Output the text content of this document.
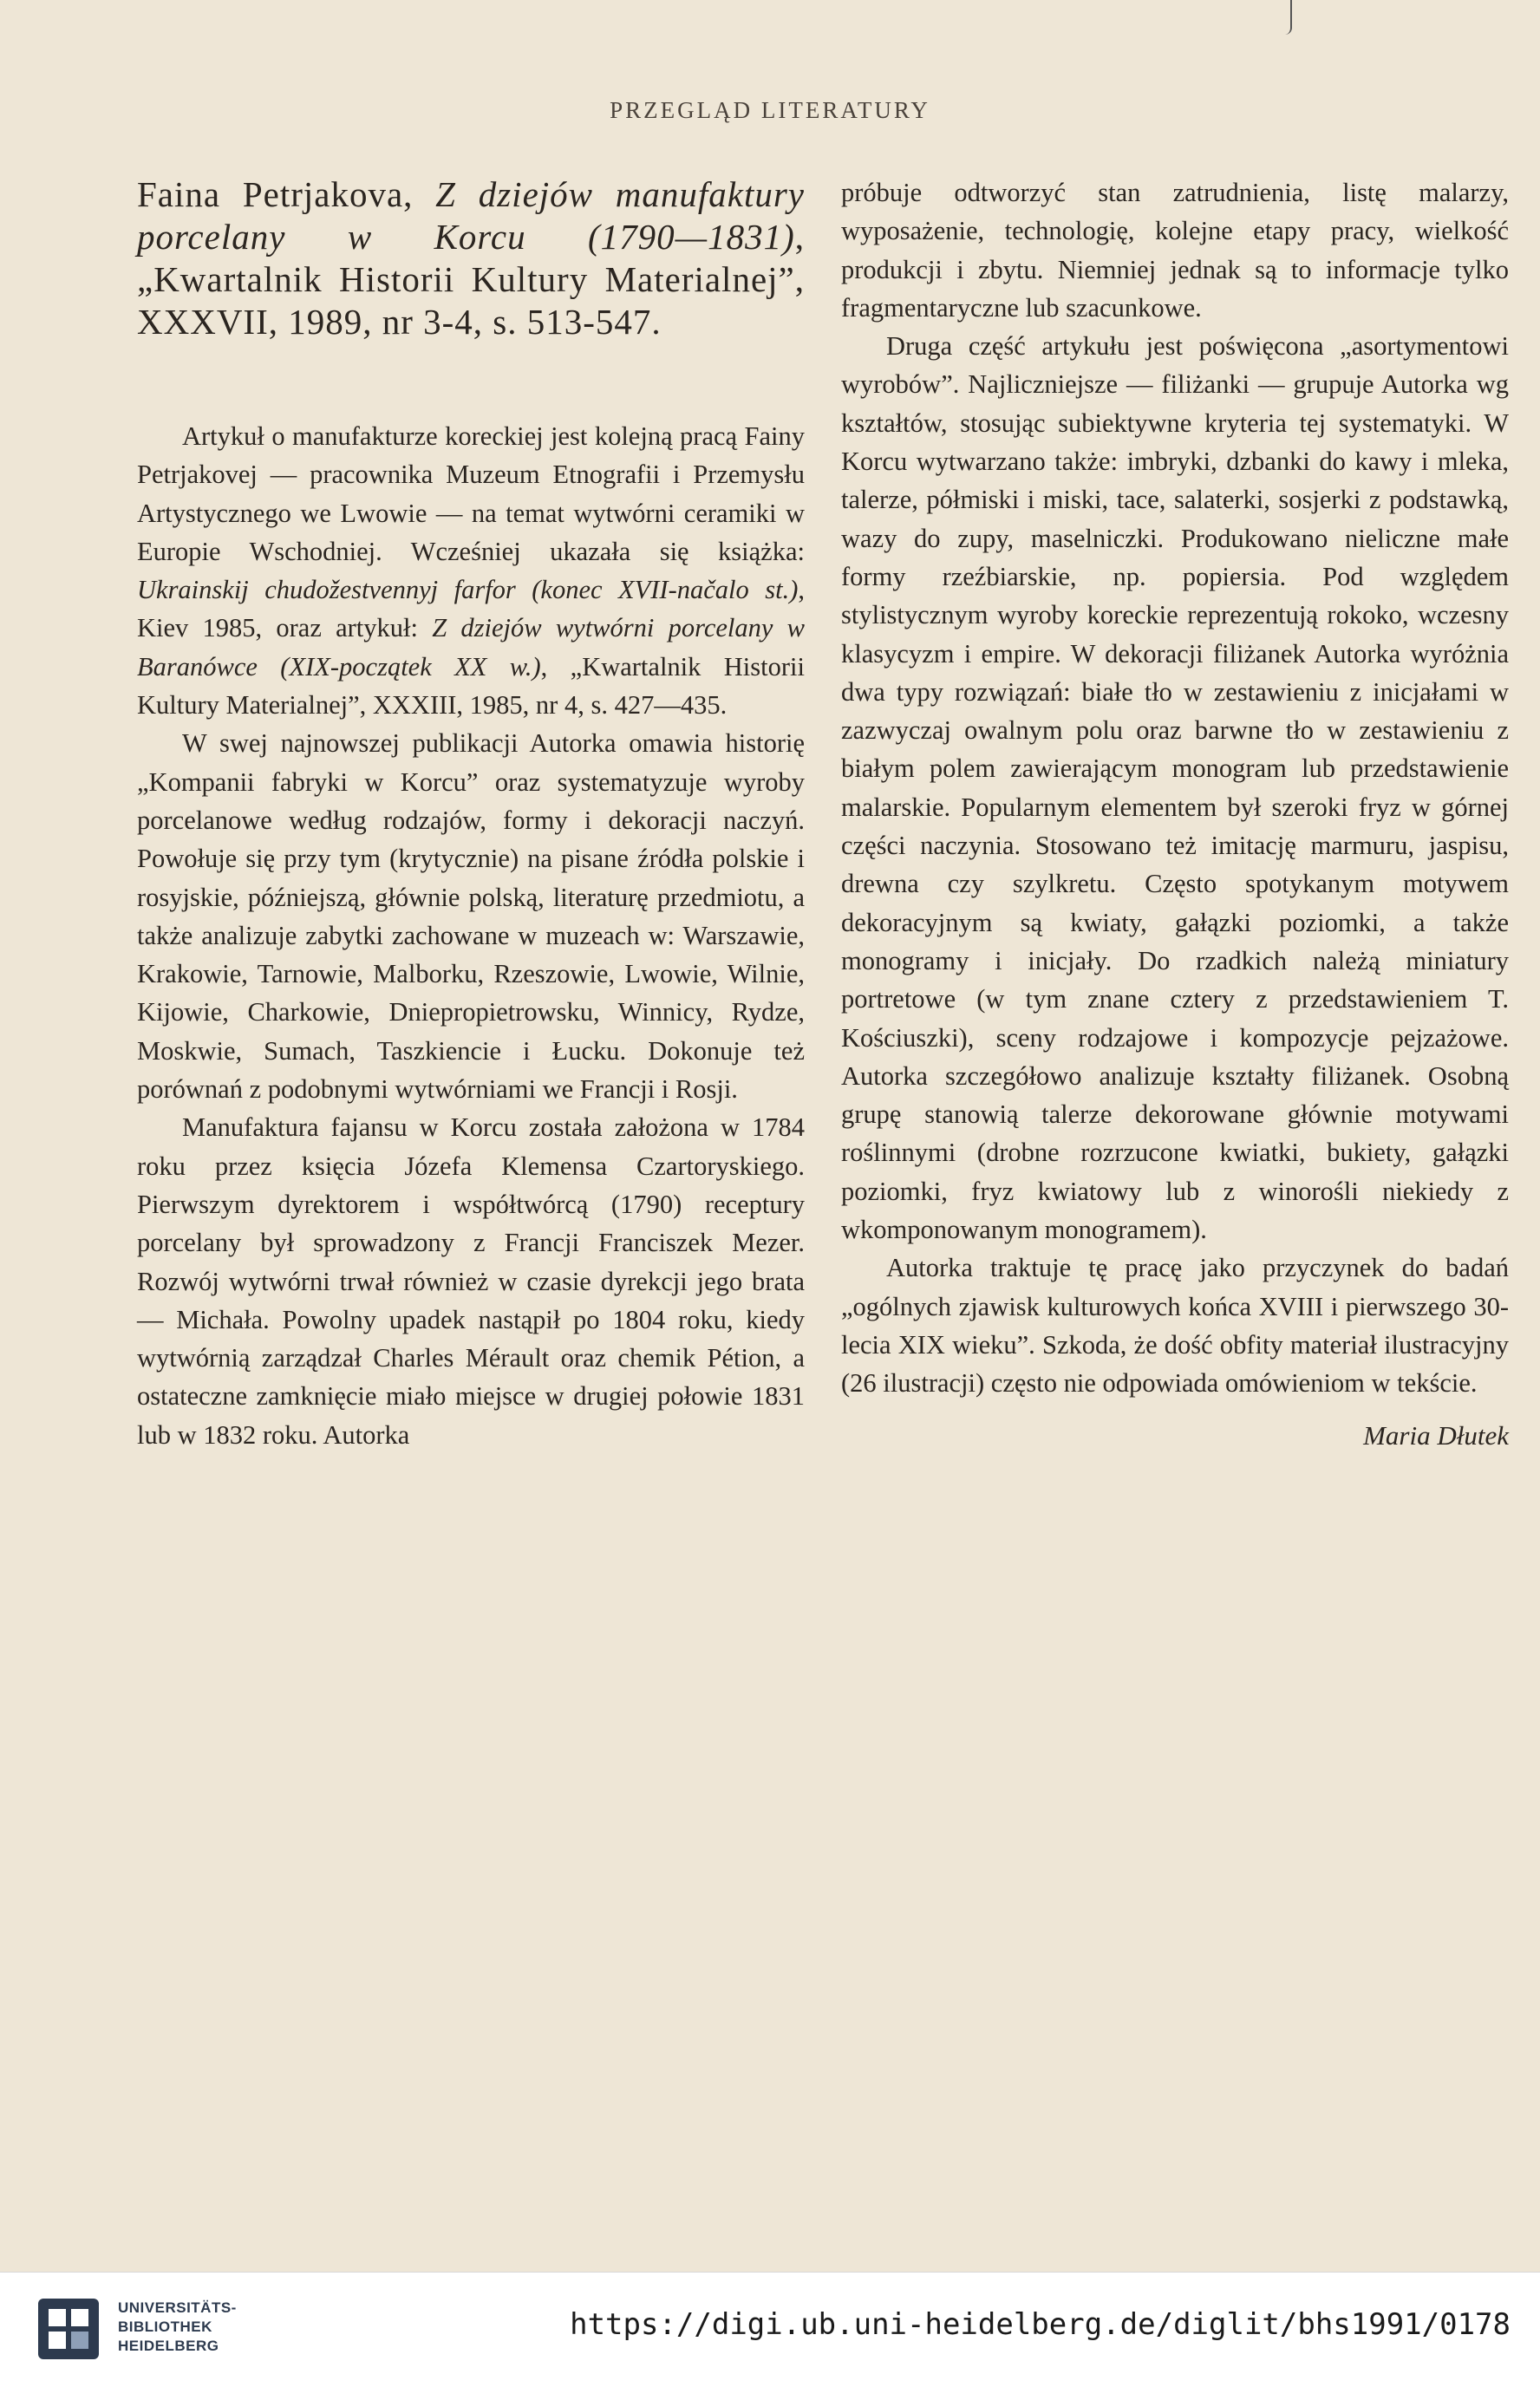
PRZEGLĄD LITERATURY

Faina Petrjakova, Z dziejów manufaktury porcelany w Korcu (1790—1831), „Kwartalnik Historii Kultury Materialnej”, XXXVII, 1989, nr 3-4, s. 513-547.

Artykuł o manufakturze koreckiej jest kolejną pracą Fainy Petrjakovej — pracownika Muzeum Etnografii i Przemysłu Artystycznego we Lwowie — na temat wytwórni ceramiki w Europie Wschodniej. Wcześniej ukazała się książka: Ukrainskij chudožestvennyj farfor (konec XVII-načalo st.), Kiev 1985, oraz artykuł: Z dziejów wytwórni porcelany w Baranówce (XIX-początek XX w.), „Kwartalnik Historii Kultury Materialnej”, XXXIII, 1985, nr 4, s. 427—435.

W swej najnowszej publikacji Autorka omawia historię „Kompanii fabryki w Korcu” oraz systematyzuje wyroby porcelanowe według rodzajów, formy i dekoracji naczyń. Powołuje się przy tym (krytycznie) na pisane źródła polskie i rosyjskie, późniejszą, głównie polską, literaturę przedmiotu, a także analizuje zabytki zachowane w muzeach w: Warszawie, Krakowie, Tarnowie, Malborku, Rzeszowie, Lwowie, Wilnie, Kijowie, Charkowie, Dniepropietrowsku, Winnicy, Rydze, Moskwie, Sumach, Taszkiencie i Łucku. Dokonuje też porównań z podobnymi wytwórniami we Francji i Rosji.

Manufaktura fajansu w Korcu została założona w 1784 roku przez księcia Józefa Klemensa Czartoryskiego. Pierwszym dyrektorem i współtwórcą (1790) receptury porcelany był sprowadzony z Francji Franciszek Mezer. Rozwój wytwórni trwał również w czasie dyrekcji jego brata — Michała. Powolny upadek nastąpił po 1804 roku, kiedy wytwórnią zarządzał Charles Mérault oraz chemik Pétion, a ostateczne zamknięcie miało miejsce w drugiej połowie 1831 lub w 1832 roku. Autorka

próbuje odtworzyć stan zatrudnienia, listę malarzy, wyposażenie, technologię, kolejne etapy pracy, wielkość produkcji i zbytu. Niemniej jednak są to informacje tylko fragmentaryczne lub szacunkowe.

Druga część artykułu jest poświęcona „asortymentowi wyrobów”. Najliczniejsze — filiżanki — grupuje Autorka wg kształtów, stosując subiektywne kryteria tej systematyki. W Korcu wytwarzano także: imbryki, dzbanki do kawy i mleka, talerze, półmiski i miski, tace, salaterki, sosjerki z podstawką, wazy do zupy, maselniczki. Produkowano nieliczne małe formy rzeźbiarskie, np. popiersia. Pod względem stylistycznym wyroby koreckie reprezentują rokoko, wczesny klasycyzm i empire. W dekoracji filiżanek Autorka wyróżnia dwa typy rozwiązań: białe tło w zestawieniu z inicjałami w zazwyczaj owalnym polu oraz barwne tło w zestawieniu z białym polem zawierającym monogram lub przedstawienie malarskie. Popularnym elementem był szeroki fryz w górnej części naczynia. Stosowano też imitację marmuru, jaspisu, drewna czy szylkretu. Często spotykanym motywem dekoracyjnym są kwiaty, gałązki poziomki, a także monogramy i inicjały. Do rzadkich należą miniatury portretowe (w tym znane cztery z przedstawieniem T. Kościuszki), sceny rodzajowe i kompozycje pejzażowe. Autorka szczegółowo analizuje kształty filiżanek. Osobną grupę stanowią talerze dekorowane głównie motywami roślinnymi (drobne rozrzucone kwiatki, bukiety, gałązki poziomki, fryz kwiatowy lub z winorośli niekiedy z wkomponowanym monogramem).

Autorka traktuje tę pracę jako przyczynek do badań „ogólnych zjawisk kulturowych końca XVIII i pierwszego 30-lecia XIX wieku”. Szkoda, że dość obfity materiał ilustracyjny (26 ilustracji) często nie odpowiada omówieniom w tekście.

Maria Dłutek
UNIVERSITÄTS-
BIBLIOTHEK
HEIDELBERG
https://digi.ub.uni-heidelberg.de/diglit/bhs1991/0178
